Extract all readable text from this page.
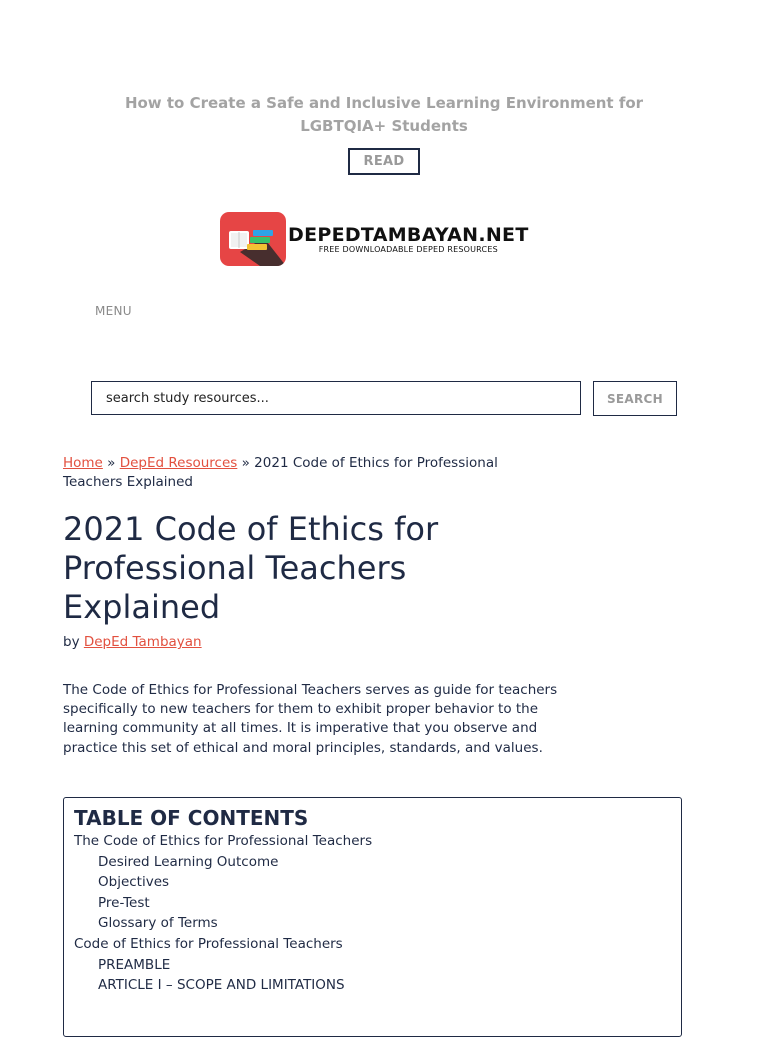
How to Create a Safe and Inclusive Learning Environment for LGBTQIA+ Students
READ
DEPEDTAMBAYAN.NET
FREE DOWNLOADABLE DEPED RESOURCES
MENU
search study resources...
SEARCH
Home » DepEd Resources » 2021 Code of Ethics for Professional Teachers Explained
2021 Code of Ethics for Professional Teachers Explained
by DepEd Tambayan

The Code of Ethics for Professional Teachers serves as guide for teachers specifically to new teachers for them to exhibit proper behavior to the learning community at all times. It is imperative that you observe and practice this set of ethical and moral principles, standards, and values.

TABLE OF CONTENTS
The Code of Ethics for Professional Teachers
Desired Learning Outcome
Objectives
Pre-Test
Glossary of Terms
Code of Ethics for Professional Teachers
PREAMBLE
ARTICLE I – SCOPE AND LIMITATIONS
